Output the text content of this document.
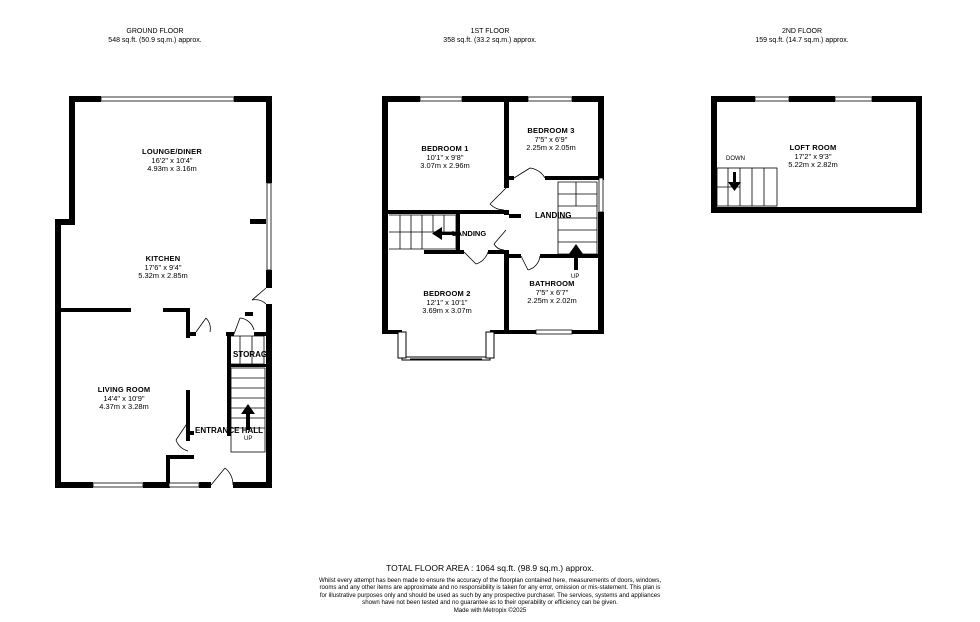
GROUND FLOOR
548 sq.ft. (50.9 sq.m.) approx.
1ST FLOOR
358 sq.ft. (33.2 sq.m.) approx.
2ND FLOOR
159 sq.ft. (14.7 sq.m.) approx.
LOUNGE/DINER
16'2" x 10'4"
4.93m x 3.16m
KITCHEN
17'6" x 9'4"
5.32m x 2.85m
LIVING ROOM
14'4" x 10'9"
4.37m x 3.28m
ENTRANCE HALL
STORAG
UP
BEDROOM 1
10'1" x 9'8"
3.07m x 2.96m
BEDROOM 3
7'5" x 6'9"
2.25m x 2.05m
BEDROOM 2
12'1" x 10'1"
3.69m x 3.07m
BATHROOM
7'5" x 6'7"
2.25m x 2.02m
LANDING
LANDING
UP
LOFT ROOM
17'2" x 9'3"
5.22m x 2.82m
DOWN
TOTAL FLOOR AREA : 1064 sq.ft. (98.9 sq.m.) approx.
Whilst every attempt has been made to ensure the accuracy of the floorplan contained here, measurements of doors, windows, rooms and any other items are approximate and no responsibility is taken for any error, omission or mis-statement. This plan is for illustrative purposes only and should be used as such by any prospective purchaser. The services, systems and appliances shown have not been tested and no guarantee as to their operability or efficiency can be given.
Made with Metropix ©2025
